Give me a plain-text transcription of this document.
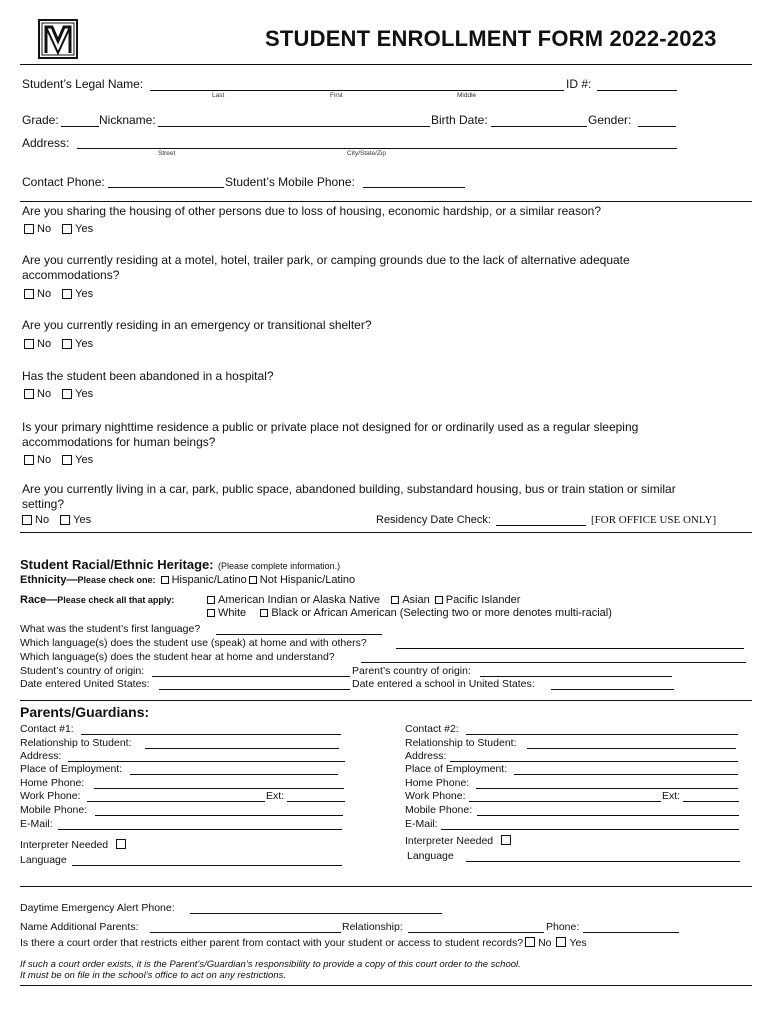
STUDENT ENROLLMENT FORM 2022-2023
Student’s Legal Name:
Last	First	Middle
ID #:
Grade:	Nickname:	Birth Date:	Gender:
Address:
Street	City/State/Zip
Contact Phone:	Student’s Mobile Phone:
Are you sharing the housing of other persons due to loss of housing, economic hardship, or a similar reason?
No
Yes
Are you currently residing at a motel, hotel, trailer park, or camping grounds due to the lack of alternative adequate accommodations?
No
Yes
Are you currently residing in an emergency or transitional shelter?
No
Yes
Has the student been abandoned in a hospital?
No
Yes
Is your primary nighttime residence a public or private place not designed for or ordinarily used as a regular sleeping accommodations for human beings?
No
Yes
Are you currently living in a car, park, public space, abandoned building, substandard housing, bus or train station or similar setting?
No
Yes	Residency Date Check:	[FOR OFFICE USE ONLY]
Student Racial/Ethnic Heritage: (Please complete information.)
Ethnicity—Please check one: Hispanic/Latino Not Hispanic/Latino
Race—Please check all that apply:	American Indian or Alaska Native Asian Pacific Islander
White Black or African American (Selecting two or more denotes multi-racial)
What was the student’s first language?
Which language(s) does the student use (speak) at home and with others?
Which language(s) does the student hear at home and understand?
Student’s country of origin:	Parent’s country of origin:
Date entered United States:	Date entered a school in United States:
Parents/Guardians:
Contact #1:
Relationship to Student:
Address:
Place of Employment:
Home Phone:
Work Phone:	Ext:
Mobile Phone:
E-Mail:
Interpreter Needed
Language
Contact #2:
Relationship to Student:
Address:
Place of Employment:
Home Phone:
Work Phone:	Ext:
Mobile Phone:
E-Mail:
Interpreter Needed
Language
Daytime Emergency Alert Phone:
Name Additional Parents:	Relationship:	Phone:
Is there a court order that restricts either parent from contact with your student or access to student records? No Yes
If such a court order exists, it is the Parent’s/Guardian’s responsibility to provide a copy of this court order to the school.
It must be on file in the school’s office to act on any restrictions.
